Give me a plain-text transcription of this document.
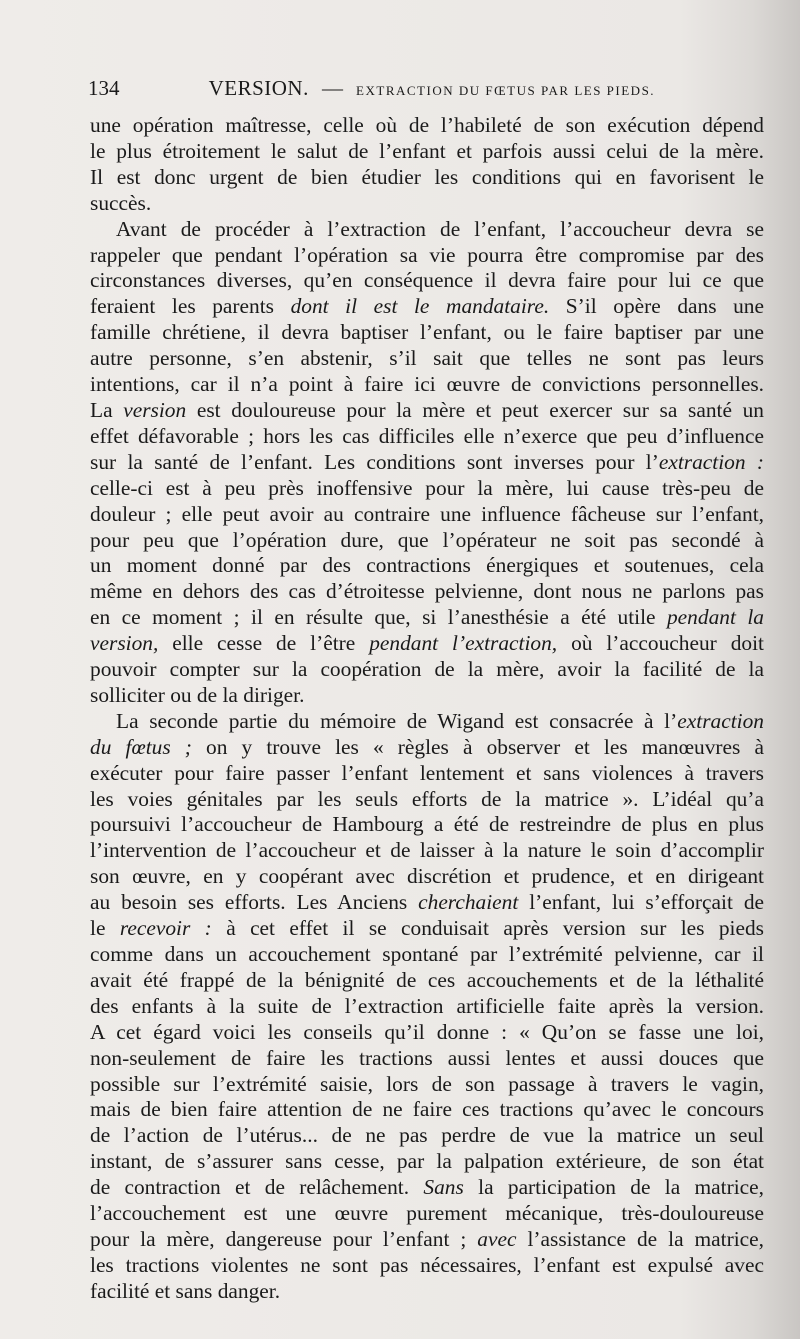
134	VERSION. — EXTRACTION DU FŒTUS PAR LES PIEDS.
une opération maîtresse, celle où de l’habileté de son exécution dépend
le plus étroitement le salut de l’enfant et parfois aussi celui de la mère.
Il est donc urgent de bien étudier les conditions qui en favorisent le
succès.
Avant de procéder à l’extraction de l’enfant, l’accoucheur devra se
rappeler que pendant l’opération sa vie pourra être compromise par des
circonstances diverses, qu’en conséquence il devra faire pour lui ce que
feraient les parents dont il est le mandataire. S’il opère dans une
famille chrétiene, il devra baptiser l’enfant, ou le faire baptiser par une
autre personne, s’en abstenir, s’il sait que telles ne sont pas leurs
intentions, car il n’a point à faire ici œuvre de convictions personnelles.
La version est douloureuse pour la mère et peut exercer sur sa santé un
effet défavorable ; hors les cas difficiles elle n’exerce que peu d’influence
sur la santé de l’enfant. Les conditions sont inverses pour l’extraction :
celle-ci est à peu près inoffensive pour la mère, lui cause très-peu de
douleur ; elle peut avoir au contraire une influence fâcheuse sur l’enfant,
pour peu que l’opération dure, que l’opérateur ne soit pas secondé à
un moment donné par des contractions énergiques et soutenues, cela
même en dehors des cas d’étroitesse pelvienne, dont nous ne parlons pas
en ce moment ; il en résulte que, si l’anesthésie a été utile pendant la
version, elle cesse de l’être pendant l’extraction, où l’accoucheur doit
pouvoir compter sur la coopération de la mère, avoir la facilité de la
solliciter ou de la diriger.
La seconde partie du mémoire de Wigand est consacrée à l’extraction
du fœtus ; on y trouve les « règles à observer et les manœuvres à
exécuter pour faire passer l’enfant lentement et sans violences à travers
les voies génitales par les seuls efforts de la matrice ». L’idéal qu’a
poursuivi l’accoucheur de Hambourg a été de restreindre de plus en plus
l’intervention de l’accoucheur et de laisser à la nature le soin d’accomplir
son œuvre, en y coopérant avec discrétion et prudence, et en dirigeant
au besoin ses efforts. Les Anciens cherchaient l’enfant, lui s’efforçait de
le recevoir : à cet effet il se conduisait après version sur les pieds
comme dans un accouchement spontané par l’extrémité pelvienne, car il
avait été frappé de la bénignité de ces accouchements et de la léthalité
des enfants à la suite de l’extraction artificielle faite après la version.
A cet égard voici les conseils qu’il donne : « Qu’on se fasse une loi,
non-seulement de faire les tractions aussi lentes et aussi douces que
possible sur l’extrémité saisie, lors de son passage à travers le vagin,
mais de bien faire attention de ne faire ces tractions qu’avec le concours
de l’action de l’utérus... de ne pas perdre de vue la matrice un seul
instant, de s’assurer sans cesse, par la palpation extérieure, de son état
de contraction et de relâchement. Sans la participation de la matrice,
l’accouchement est une œuvre purement mécanique, très-douloureuse
pour la mère, dangereuse pour l’enfant ; avec l’assistance de la matrice,
les tractions violentes ne sont pas nécessaires, l’enfant est expulsé avec
facilité et sans danger.
